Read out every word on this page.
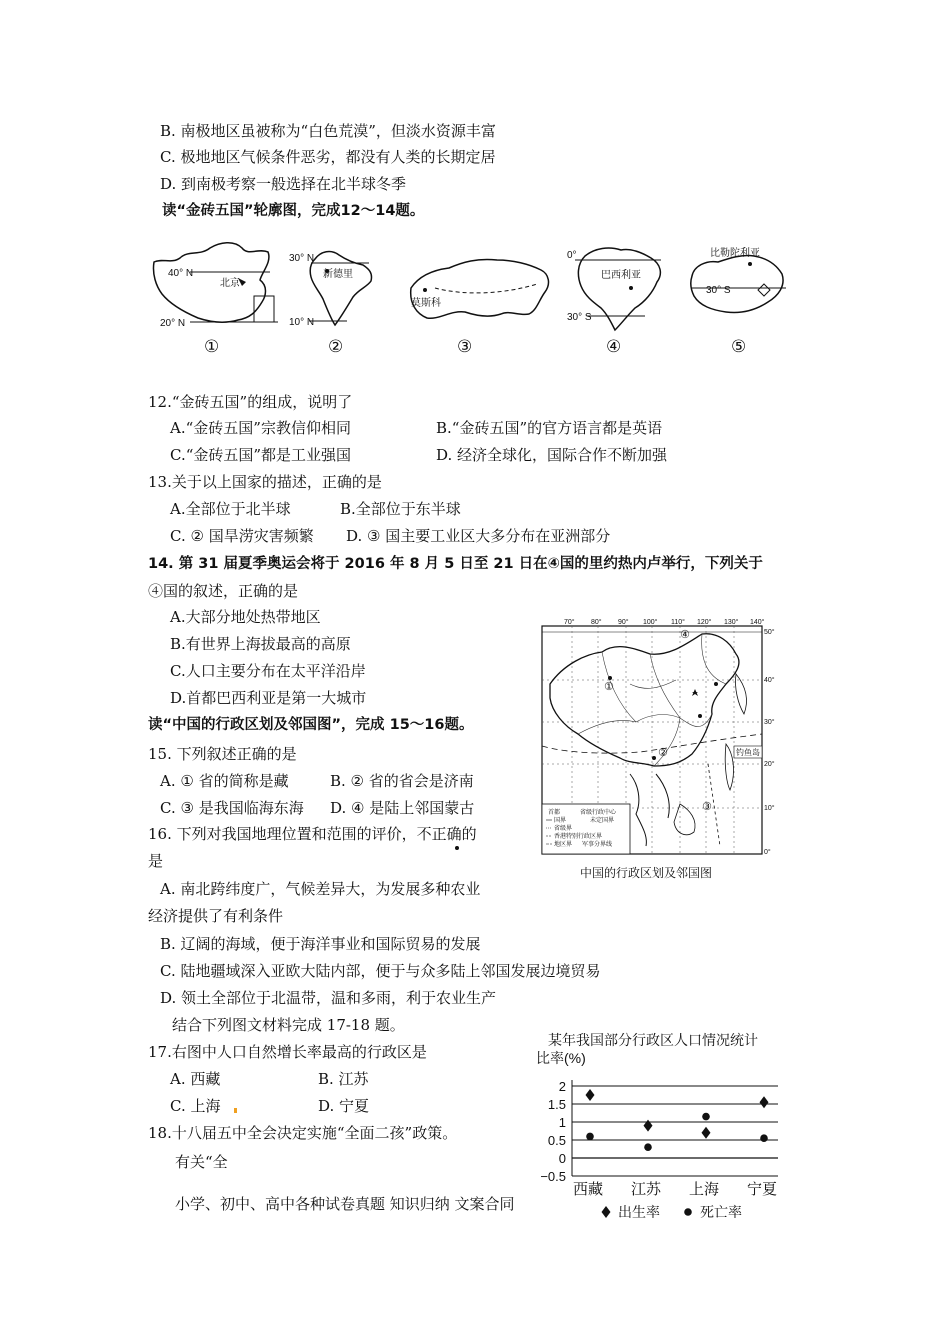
B. 南极地区虽被称为“白色荒漠”，但淡水资源丰富
C. 极地地区气候条件恶劣，都没有人类的长期定居
D. 到南极考察一般选择在北半球冬季
读“金砖五国”轮廓图，完成12～14题。
40° N
北京
20° N
30° N
新德里
10° N
莫斯科
0°
巴西利亚
30° S
比勒陀利亚
30° S
①	②	③	④	⑤
12.“金砖五国”的组成，说明了
A.“金砖五国”宗教信仰相同	B.“金砖五国”的官方语言都是英语
C.“金砖五国”都是工业强国	D. 经济全球化，国际合作不断加强
13.关于以上国家的描述，正确的是
A.全部位于北半球	B.全部位于东半球
C. ② 国旱涝灾害频繁 D. ③ 国主要工业区大多分布在亚洲部分
14. 第 31 届夏季奥运会将于 2016 年 8 月 5 日至 21 日在④国的里约热内卢举行，下列关于
④国的叙述，正确的是
A.大部分地处热带地区
B.有世界上海拔最高的高原
C.人口主要分布在太平洋沿岸
D.首都巴西利亚是第一大城市
钓鱼岛
首都	省级行政中心
国界	未定国界
省级界
香港特别行政区界
地区界 军事分界线
70° 80° 90° 100° 110° 120° 130° 140°
50°
40°
30°
20°
10°
0°
①
②
③
④
中国的行政区划及邻国图
读“中国的行政区划及邻国图”，完成 15～16题。
15. 下列叙述正确的是
A. ① 省的简称是藏	B. ② 省的省会是济南
C. ③ 是我国临海东海 D. ④ 是陆上邻国蒙古
16. 下列对我国地理位置和范围的评价，不正确的
是
A. 南北跨纬度广，气候差异大，为发展多种农业
经济提供了有利条件
B. 辽阔的海域，便于海洋事业和国际贸易的发展
C. 陆地疆域深入亚欧大陆内部，便于与众多陆上邻国发展边境贸易
D. 领土全部位于北温带，温和多雨，利于农业生产
结合下列图文材料完成 17-18 题。
17.右图中人口自然增长率最高的行政区是
A. 西藏	B. 江苏
C. 上海	D. 宁夏
18.十八届五中全会决定实施“全面二孩”政策。
有关“全
小学、初中、高中各种试卷真题 知识归纳 文案合同
某年我国部分行政区人口情况统计
比率(%)
2
1.5
1
0.5
0
−0.5
西藏 江苏 上海 宁夏
出生率	死亡率
